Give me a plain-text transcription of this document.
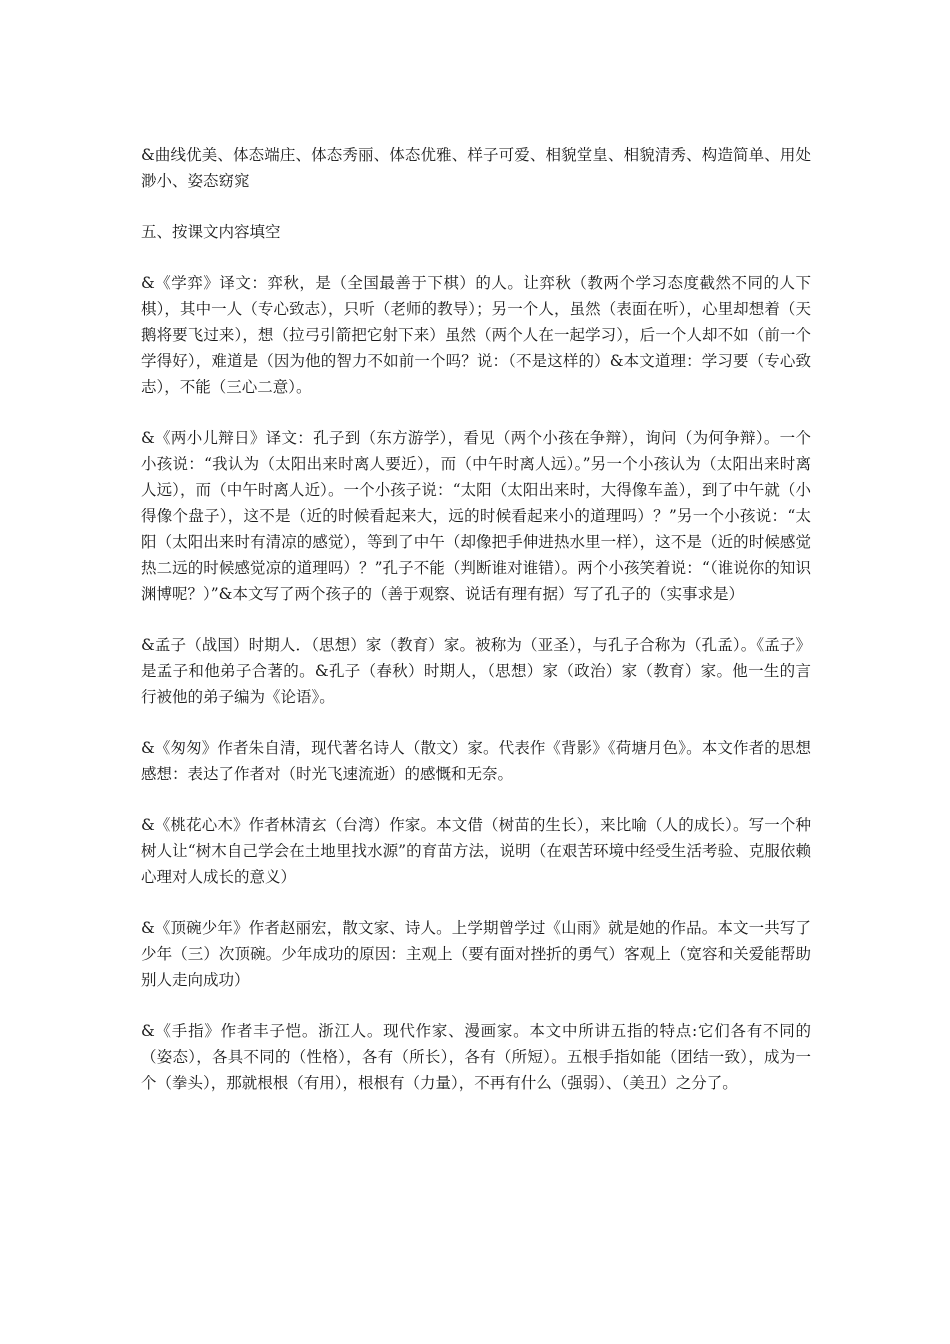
&曲线优美、体态端庄、体态秀丽、体态优雅、样子可爱、相貌堂皇、相貌清秀、构造简单、用处渺小、姿态窈窕

五、按课文内容填空

&《学弈》译文：弈秋，是（全国最善于下棋）的人。让弈秋（教两个学习态度截然不同的人下棋），其中一人（专心致志），只听（老师的教导）；另一个人，虽然（表面在听），心里却想着（天鹅将要飞过来），想（拉弓引箭把它射下来）虽然（两个人在一起学习），后一个人却不如（前一个学得好），难道是（因为他的智力不如前一个吗？说：（不是这样的）&本文道理：学习要（专心致志），不能（三心二意）。

&《两小儿辩日》译文：孔子到（东方游学），看见（两个小孩在争辩），询问（为何争辩）。一个小孩说：“我认为（太阳出来时离人要近），而（中午时离人远）。”另一个小孩认为（太阳出来时离人远），而（中午时离人近）。一个小孩子说：“太阳（太阳出来时，大得像车盖），到了中午就（小得像个盘子），这不是（近的时候看起来大，远的时候看起来小的道理吗）？”另一个小孩说：“太阳（太阳出来时有清凉的感觉），等到了中午（却像把手伸进热水里一样），这不是（近的时候感觉热二远的时候感觉凉的道理吗）？”孔子不能（判断谁对谁错）。两个小孩笑着说：“（谁说你的知识渊博呢？）”&本文写了两个孩子的（善于观察、说话有理有据）写了孔子的（实事求是）

&孟子（战国）时期人．（思想）家（教育）家。被称为（亚圣），与孔子合称为（孔孟）。《孟子》是孟子和他弟子合著的。&孔子（春秋）时期人，（思想）家（政治）家（教育）家。他一生的言行被他的弟子编为《论语》。

&《匆匆》作者朱自清，现代著名诗人（散文）家。代表作《背影》《荷塘月色》。本文作者的思想感想：表达了作者对（时光飞速流逝）的感慨和无奈。

&《桃花心木》作者林清玄（台湾）作家。本文借（树苗的生长），来比喻（人的成长）。写一个种树人让“树木自己学会在土地里找水源”的育苗方法，说明（在艰苦环境中经受生活考验、克服依赖心理对人成长的意义）

&《顶碗少年》作者赵丽宏，散文家、诗人。上学期曾学过《山雨》就是她的作品。本文一共写了少年（三）次顶碗。少年成功的原因：主观上（要有面对挫折的勇气）客观上（宽容和关爱能帮助别人走向成功）

&《手指》作者丰子恺。浙江人。现代作家、漫画家。本文中所讲五指的特点:它们各有不同的（姿态），各具不同的（性格），各有（所长），各有（所短）。五根手指如能（团结一致），成为一个（拳头），那就根根（有用），根根有（力量），不再有什么（强弱）、（美丑）之分了。
